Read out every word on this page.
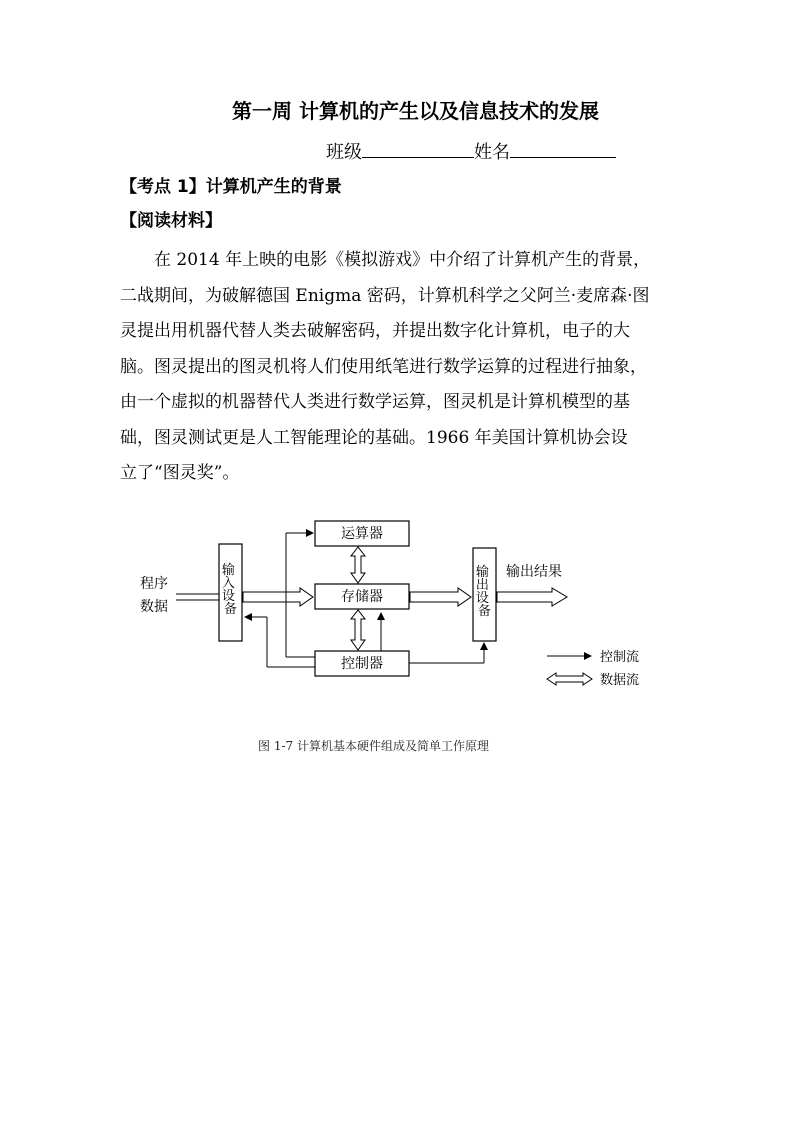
第一周 计算机的产生以及信息技术的发展
班级	姓名
【考点 1】计算机产生的背景
【阅读材料】
在 2014 年上映的电影《模拟游戏》中介绍了计算机产生的背景，
二战期间，为破解德国 Enigma 密码，计算机科学之父阿兰·麦席森·图
灵提出用机器代替人类去破解密码，并提出数字化计算机，电子的大
脑。图灵提出的图灵机将人们使用纸笔进行数学运算的过程进行抽象，
由一个虚拟的机器替代人类进行数学运算，图灵机是计算机模型的基
础，图灵测试更是人工智能理论的基础。1966 年美国计算机协会设
立了“图灵奖”。
程序
数据
输 入 设 备
运算器
存储器
控制器
输 出 设 备
输出结果
控制流
数据流
图 1-7 计算机基本硬件组成及简单工作原理
